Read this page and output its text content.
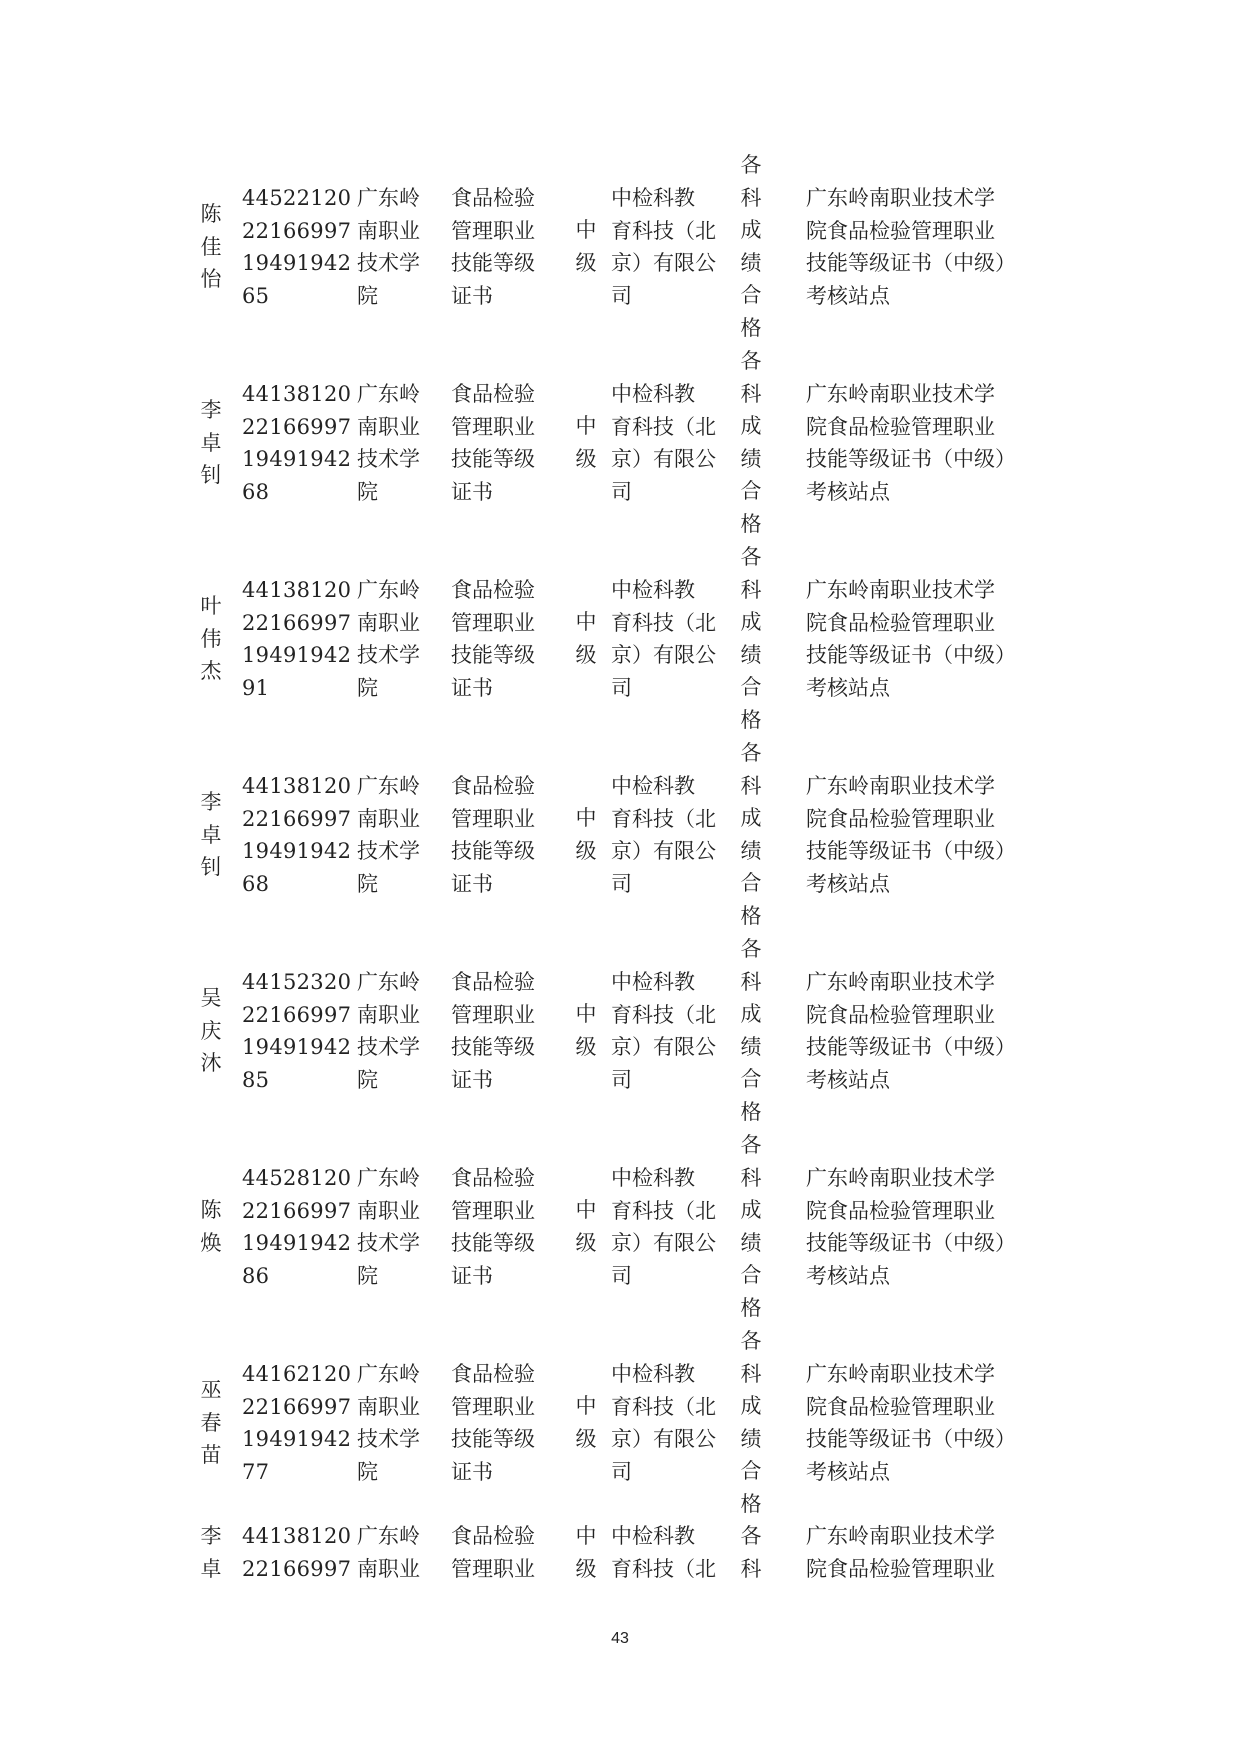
陈
佳
怡
44522120
22166997
19491942
65
广东岭
南职业
技术学
院
食品检验
管理职业
技能等级
证书
中
级
中检科教
育科技（北
京）有限公
司
各
科
成
绩
合
格
广东岭南职业技术学
院食品检验管理职业
技能等级证书（中级）
考核站点
李
卓
钊
44138120
22166997
19491942
68
广东岭
南职业
技术学
院
食品检验
管理职业
技能等级
证书
中
级
中检科教
育科技（北
京）有限公
司
各
科
成
绩
合
格
广东岭南职业技术学
院食品检验管理职业
技能等级证书（中级）
考核站点
叶
伟
杰
44138120
22166997
19491942
91
广东岭
南职业
技术学
院
食品检验
管理职业
技能等级
证书
中
级
中检科教
育科技（北
京）有限公
司
各
科
成
绩
合
格
广东岭南职业技术学
院食品检验管理职业
技能等级证书（中级）
考核站点
李
卓
钊
44138120
22166997
19491942
68
广东岭
南职业
技术学
院
食品检验
管理职业
技能等级
证书
中
级
中检科教
育科技（北
京）有限公
司
各
科
成
绩
合
格
广东岭南职业技术学
院食品检验管理职业
技能等级证书（中级）
考核站点
吴
庆
沐
44152320
22166997
19491942
85
广东岭
南职业
技术学
院
食品检验
管理职业
技能等级
证书
中
级
中检科教
育科技（北
京）有限公
司
各
科
成
绩
合
格
广东岭南职业技术学
院食品检验管理职业
技能等级证书（中级）
考核站点
陈
焕
44528120
22166997
19491942
86
广东岭
南职业
技术学
院
食品检验
管理职业
技能等级
证书
中
级
中检科教
育科技（北
京）有限公
司
各
科
成
绩
合
格
广东岭南职业技术学
院食品检验管理职业
技能等级证书（中级）
考核站点
巫
春
苗
44162120
22166997
19491942
77
广东岭
南职业
技术学
院
食品检验
管理职业
技能等级
证书
中
级
中检科教
育科技（北
京）有限公
司
各
科
成
绩
合
格
广东岭南职业技术学
院食品检验管理职业
技能等级证书（中级）
考核站点
李
卓
44138120
22166997
广东岭
南职业
食品检验
管理职业
中
级
中检科教
育科技（北
各
科
广东岭南职业技术学
院食品检验管理职业
43
